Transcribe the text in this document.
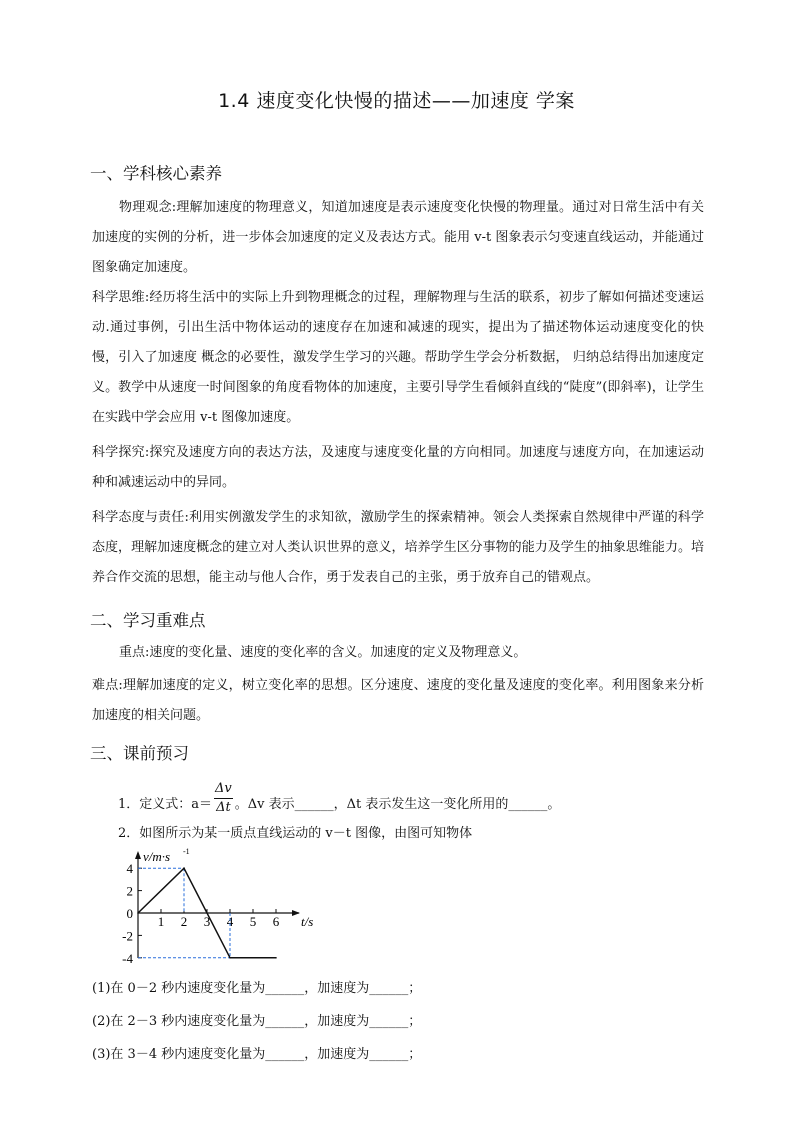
1.4 速度变化快慢的描述——加速度 学案
一、学科核心素养

物理观念:理解加速度的物理意义，知道加速度是表示速度变化快慢的物理量。通过对日常生活中有关加速度的实例的分析，进一步体会加速度的定义及表达方式。能用 v-t 图象表示匀变速直线运动，并能通过图象确定加速度。

科学思维:经历将生活中的实际上升到物理概念的过程，理解物理与生活的联系，初步了解如何描述变速运动.通过事例，引出生活中物体运动的速度存在加速和减速的现实，提出为了描述物体运动速度变化的快慢，引入了加速度 概念的必要性，激发学生学习的兴趣。帮助学生学会分析数据， 归纳总结得出加速度定义。教学中从速度一时间图象的角度看物体的加速度，主要引导学生看倾斜直线的“陡度”(即斜率)，让学生在实践中学会应用 v-t 图像加速度。

科学探究:探究及速度方向的表达方法，及速度与速度变化量的方向相同。加速度与速度方向，在加速运动种和减速运动中的异同。

科学态度与责任:利用实例激发学生的求知欲，激励学生的探索精神。领会人类探索自然规律中严谨的科学态度，理解加速度概念的建立对人类认识世界的意义，培养学生区分事物的能力及学生的抽象思维能力。培养合作交流的思想，能主动与他人合作，勇于发表自己的主张，勇于放弃自己的错观点。

二、学习重难点

重点:速度的变化量、速度的变化率的含义。加速度的定义及物理意义。

难点:理解加速度的定义，树立变化率的思想。区分速度、速度的变化量及速度的变化率。利用图象来分析加速度的相关问题。

三、课前预习
1．定义式：$a= \frac{\Delta v}{\Delta t}$ 。Δv 表示______，Δt 表示发生这一变化所用的______。
2．如图所示为某一质点直线运动的 v－t 图像，由图可知物体
v/m·s -1
t/s
4
2
0
-2
-4
1 2 3 4 5 6
(1)在 0－2 秒内速度变化量为______，加速度为______；
(2)在 2－3 秒内速度变化量为______，加速度为______；
(3)在 3－4 秒内速度变化量为______，加速度为______；
